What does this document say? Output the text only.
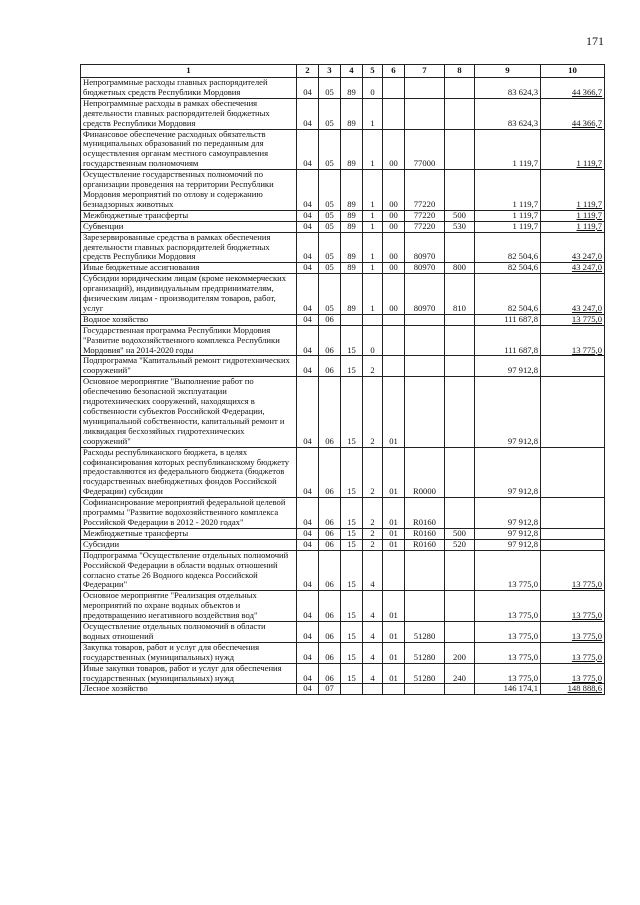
171
1	2	3	4	5	6	7	8	9	10
Непрограммные расходы главных распорядителей бюджетных средств Республики Мордовия	04	05	89	0				83 624,3	44 366,7
Непрограммные расходы в рамках обеспечения деятельности главных распорядителей бюджетных средств Республики Мордовия	04	05	89	1				83 624,3	44 366,7
Финансовое обеспечение расходных обязательств муниципальных образований по переданным для осуществления органам местного самоуправления государственным полномочиям	04	05	89	1	00	77000		1 119,7	1 119,7
Осуществление государственных полномочий по организации проведения на территории Республики Мордовия мероприятий по отлову и содержанию безнадзорных животных	04	05	89	1	00	77220		1 119,7	1 119,7
Межбюджетные трансферты	04	05	89	1	00	77220	500	1 119,7	1 119,7
Субвенции	04	05	89	1	00	77220	530	1 119,7	1 119,7
Зарезервированные средства в рамках обеспечения деятельности главных распорядителей бюджетных средств Республики Мордовия	04	05	89	1	00	80970		82 504,6	43 247,0
Иные бюджетные ассигнования	04	05	89	1	00	80970	800	82 504,6	43 247,0
Субсидии юридическим лицам (кроме некоммерческих организаций), индивидуальным предпринимателям, физическим лицам - производителям товаров, работ, услуг	04	05	89	1	00	80970	810	82 504,6	43 247,0
Водное хозяйство	04	06						111 687,8	13 775,0
Государственная программа Республики Мордовия "Развитие водохозяйственного комплекса Республики Мордовия" на 2014-2020 годы	04	06	15	0				111 687,8	13 775,0
Подпрограмма "Капитальный ремонт гидротехнических сооружений"	04	06	15	2				97 912,8	
Основное мероприятие "Выполнение работ по обеспечению безопасной эксплуатации гидротехнических сооружений, находящихся в собственности субъектов Российской Федерации, муниципальной собственности, капитальный ремонт и ликвидация бесхозяйных гидротехнических сооружений"	04	06	15	2	01			97 912,8	
Расходы республиканского бюджета, в целях софинансирования которых республиканскому бюджету предоставляются из федерального бюджета (бюджетов государственных внебюджетных фондов Российской Федерации) субсидии	04	06	15	2	01	R0000		97 912,8	
Софинансирование мероприятий федеральной целевой программы "Развитие водохозяйственного комплекса Российской Федерации в 2012 - 2020 годах"	04	06	15	2	01	R0160		97 912,8	
Межбюджетные трансферты	04	06	15	2	01	R0160	500	97 912,8	
Субсидии	04	06	15	2	01	R0160	520	97 912,8	
Подпрограмма "Осуществление отдельных полномочий Российской Федерации в области водных отношений согласно статье 26 Водного кодекса Российской Федерации"	04	06	15	4				13 775,0	13 775,0
Основное мероприятие "Реализация отдельных мероприятий по охране водных объектов и предотвращению негативного воздействия вод"	04	06	15	4	01			13 775,0	13 775,0
Осуществление отдельных полномочий в области водных отношений	04	06	15	4	01	51280		13 775,0	13 775,0
Закупка товаров, работ и услуг для обеспечения государственных (муниципальных) нужд	04	06	15	4	01	51280	200	13 775,0	13 775,0
Иные закупки товаров, работ и услуг для обеспечения государственных (муниципальных) нужд	04	06	15	4	01	51280	240	13 775,0	13 775,0
Лесное хозяйство	04	07						146 174,1	148 888,6
